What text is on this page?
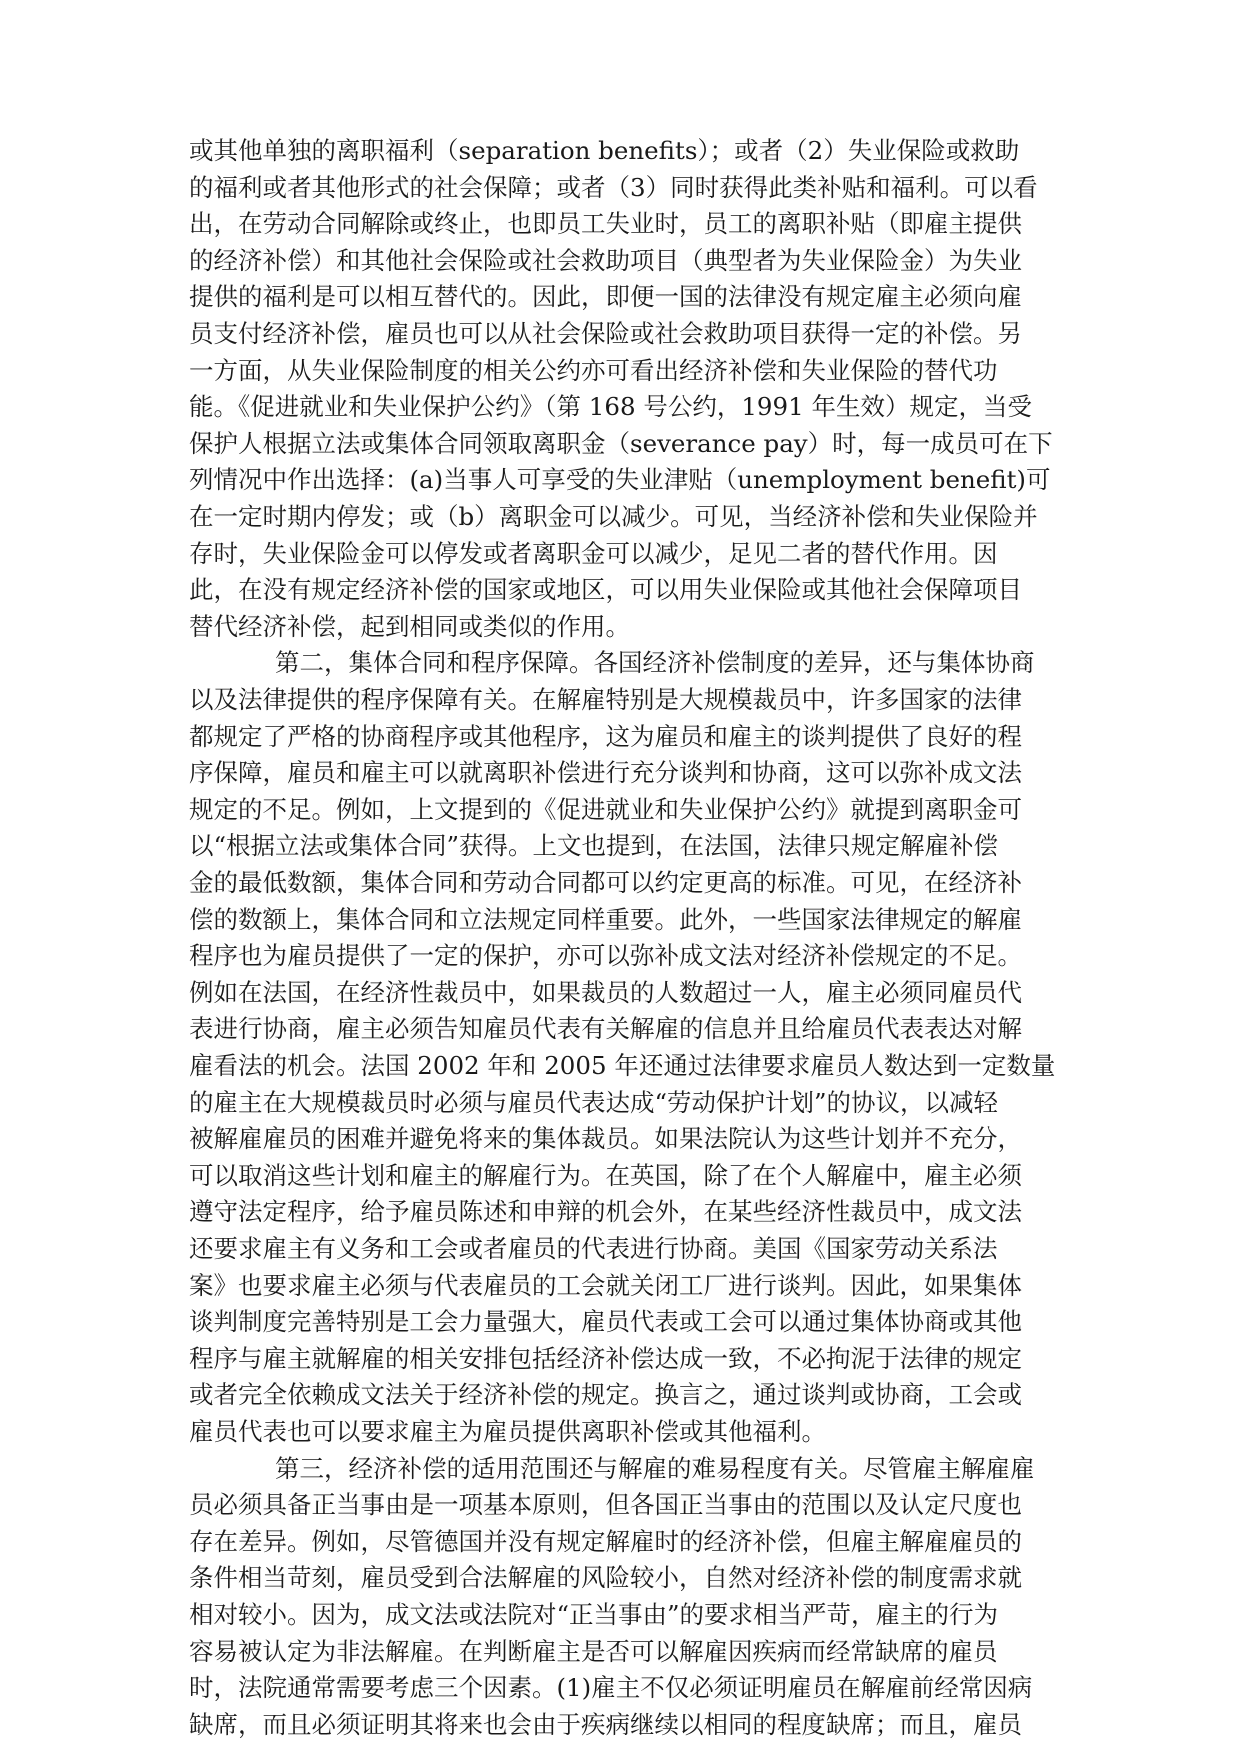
或其他单独的离职福利（separation benefits）；或者（2）失业保险或救助
的福利或者其他形式的社会保障；或者（3）同时获得此类补贴和福利。可以看
出，在劳动合同解除或终止，也即员工失业时，员工的离职补贴（即雇主提供
的经济补偿）和其他社会保险或社会救助项目（典型者为失业保险金）为失业
提供的福利是可以相互替代的。因此，即便一国的法律没有规定雇主必须向雇
员支付经济补偿，雇员也可以从社会保险或社会救助项目获得一定的补偿。另
一方面，从失业保险制度的相关公约亦可看出经济补偿和失业保险的替代功
能。《促进就业和失业保护公约》（第 168 号公约，1991 年生效）规定，当受
保护人根据立法或集体合同领取离职金（severance pay）时，每一成员可在下
列情况中作出选择：(a)当事人可享受的失业津贴（unemployment benefit)可
在一定时期内停发；或（b）离职金可以减少。可见，当经济补偿和失业保险并
存时，失业保险金可以停发或者离职金可以减少，足见二者的替代作用。因
此，在没有规定经济补偿的国家或地区，可以用失业保险或其他社会保障项目
替代经济补偿，起到相同或类似的作用。
第二，集体合同和程序保障。各国经济补偿制度的差异，还与集体协商
以及法律提供的程序保障有关。在解雇特别是大规模裁员中，许多国家的法律
都规定了严格的协商程序或其他程序，这为雇员和雇主的谈判提供了良好的程
序保障，雇员和雇主可以就离职补偿进行充分谈判和协商，这可以弥补成文法
规定的不足。例如，上文提到的《促进就业和失业保护公约》就提到离职金可
以“根据立法或集体合同”获得。上文也提到，在法国，法律只规定解雇补偿
金的最低数额，集体合同和劳动合同都可以约定更高的标准。可见，在经济补
偿的数额上，集体合同和立法规定同样重要。此外，一些国家法律规定的解雇
程序也为雇员提供了一定的保护，亦可以弥补成文法对经济补偿规定的不足。
例如在法国，在经济性裁员中，如果裁员的人数超过一人，雇主必须同雇员代
表进行协商，雇主必须告知雇员代表有关解雇的信息并且给雇员代表表达对解
雇看法的机会。法国 2002 年和 2005 年还通过法律要求雇员人数达到一定数量
的雇主在大规模裁员时必须与雇员代表达成“劳动保护计划”的协议，以减轻
被解雇雇员的困难并避免将来的集体裁员。如果法院认为这些计划并不充分，
可以取消这些计划和雇主的解雇行为。在英国，除了在个人解雇中，雇主必须
遵守法定程序，给予雇员陈述和申辩的机会外，在某些经济性裁员中，成文法
还要求雇主有义务和工会或者雇员的代表进行协商。美国《国家劳动关系法
案》也要求雇主必须与代表雇员的工会就关闭工厂进行谈判。因此，如果集体
谈判制度完善特别是工会力量强大，雇员代表或工会可以通过集体协商或其他
程序与雇主就解雇的相关安排包括经济补偿达成一致，不必拘泥于法律的规定
或者完全依赖成文法关于经济补偿的规定。换言之，通过谈判或协商，工会或
雇员代表也可以要求雇主为雇员提供离职补偿或其他福利。
第三，经济补偿的适用范围还与解雇的难易程度有关。尽管雇主解雇雇
员必须具备正当事由是一项基本原则，但各国正当事由的范围以及认定尺度也
存在差异。例如，尽管德国并没有规定解雇时的经济补偿，但雇主解雇雇员的
条件相当苛刻，雇员受到合法解雇的风险较小，自然对经济补偿的制度需求就
相对较小。因为，成文法或法院对“正当事由”的要求相当严苛，雇主的行为
容易被认定为非法解雇。在判断雇主是否可以解雇因疾病而经常缺席的雇员
时，法院通常需要考虑三个因素。(1)雇主不仅必须证明雇员在解雇前经常因病
缺席，而且必须证明其将来也会由于疾病继续以相同的程度缺席；而且，雇员
